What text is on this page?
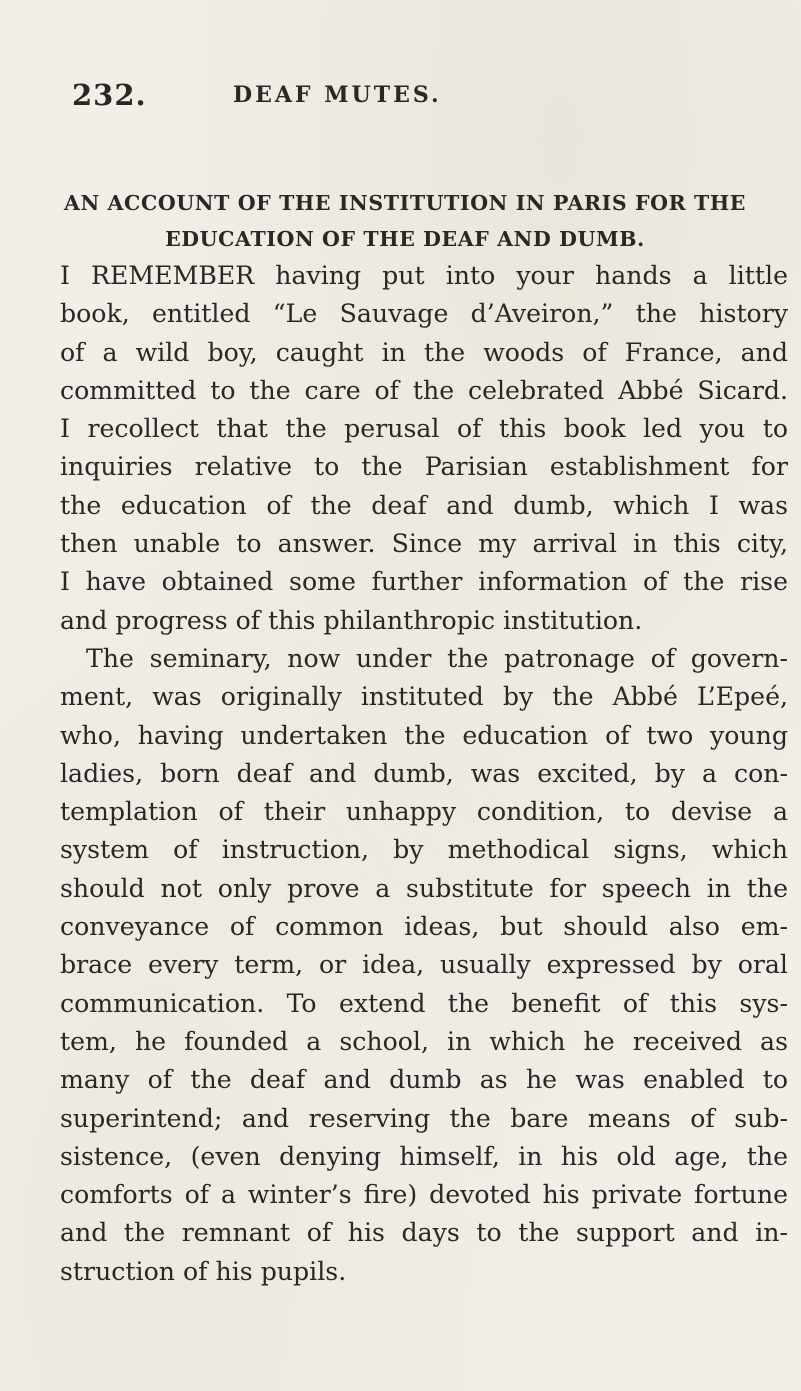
232.	DEAF MUTES.
AN ACCOUNT OF THE INSTITUTION IN PARIS FOR THE
EDUCATION OF THE DEAF AND DUMB.
I REMEMBER having put into your hands a little
book, entitled “Le Sauvage d’Aveiron,” the history
of a wild boy, caught in the woods of France, and
committed to the care of the celebrated Abbé Sicard.
I recollect that the perusal of this book led you to
inquiries relative to the Parisian establishment for
the education of the deaf and dumb, which I was
then unable to answer. Since my arrival in this city,
I have obtained some further information of the rise
and progress of this philanthropic institution.
The seminary, now under the patronage of govern-
ment, was originally instituted by the Abbé L’Epeé,
who, having undertaken the education of two young
ladies, born deaf and dumb, was excited, by a con-
templation of their unhappy condition, to devise a
system of instruction, by methodical signs, which
should not only prove a substitute for speech in the
conveyance of common ideas, but should also em-
brace every term, or idea, usually expressed by oral
communication. To extend the benefit of this sys-
tem, he founded a school, in which he received as
many of the deaf and dumb as he was enabled to
superintend; and reserving the bare means of sub-
sistence, (even denying himself, in his old age, the
comforts of a winter’s fire) devoted his private fortune
and the remnant of his days to the support and in-
struction of his pupils.
